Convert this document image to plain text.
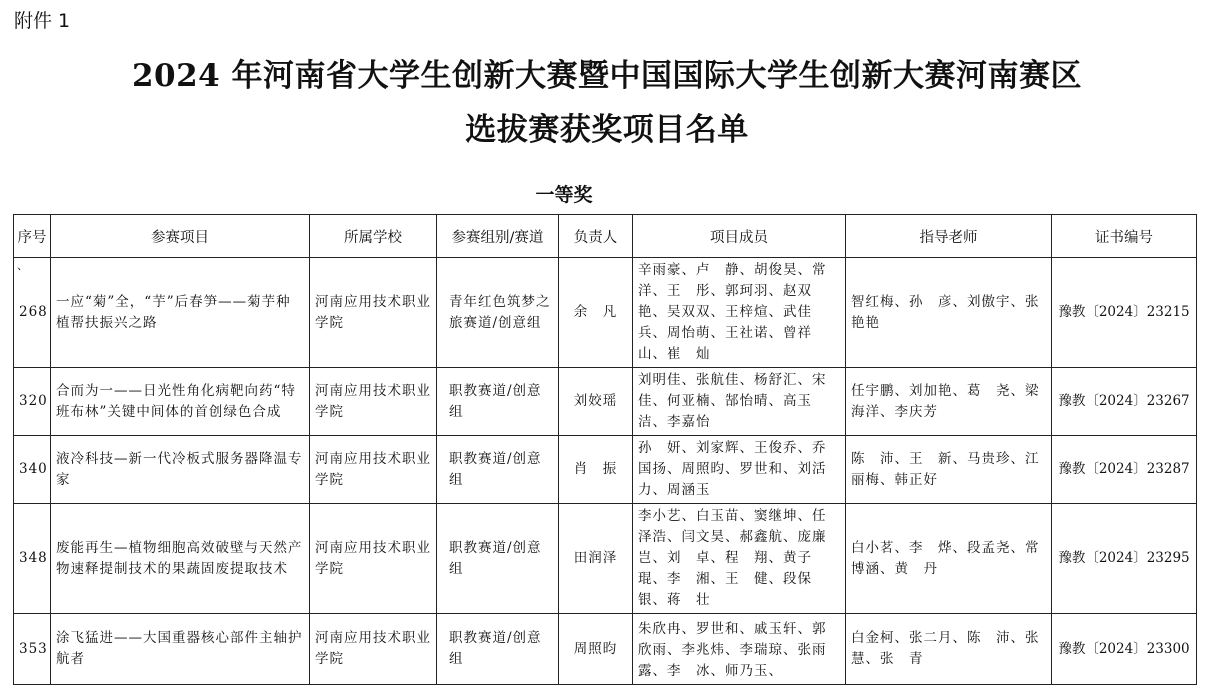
附件 1
2024 年河南省大学生创新大赛暨中国国际大学生创新大赛河南赛区
选拔赛获奖项目名单
一等奖
序号	参赛项目	所属学校	参赛组别/赛道	负责人	项目成员	指导老师	证书编号

、
268	一应“菊”全，“芋”后春笋——菊芋种植帮扶振兴之路	河南应用技术职业学院	青年红色筑梦之旅赛道/创意组	余　凡	辛雨豪、卢　静、胡俊昊、常　洋、王　彤、郭珂羽、赵双艳、吴双双、王梓煊、武佳兵、周怡萌、王社诺、曾祥山、崔　灿	智红梅、孙　彦、刘傲宇、张艳艳	豫教〔2024〕23215

320	合而为一——日光性角化病靶向药“特班布林”关键中间体的首创绿色合成	河南应用技术职业学院	职教赛道/创意组	刘姣瑶	刘明佳、张航佳、杨舒汇、宋　佳、何亚楠、郜怡晴、高玉洁、李嘉怡	任宇鹏、刘加艳、葛　尧、梁海洋、李庆芳	豫教〔2024〕23267

340	液冷科技—新一代冷板式服务器降温专家	河南应用技术职业学院	职教赛道/创意组	肖　振	孙　妍、刘家辉、王俊乔、乔国扬、周照昀、罗世和、刘活力、周涵玉	陈　沛、王　新、马贵珍、江丽梅、韩正好	豫教〔2024〕23287

348	废能再生—植物细胞高效破壁与天然产物速释提制技术的果蔬固废提取技术	河南应用技术职业学院	职教赛道/创意组	田润泽	李小艺、白玉苗、窦继坤、任泽浩、闫文昊、郝鑫航、庞廉岂、刘　卓、程　翔、黄子琨、李　湘、王　健、段保银、蒋　壮	白小茗、李　烨、段孟尧、常博涵、黄　丹	豫教〔2024〕23295

353	涂飞猛进——大国重器核心部件主轴护航者	河南应用技术职业学院	职教赛道/创意组	周照昀	朱欣冉、罗世和、戚玉轩、郭欣雨、李兆炜、李瑞琼、张雨露、李　冰、师乃玉、	白金柯、张二月、陈　沛、张　慧、张　青	豫教〔2024〕23300
